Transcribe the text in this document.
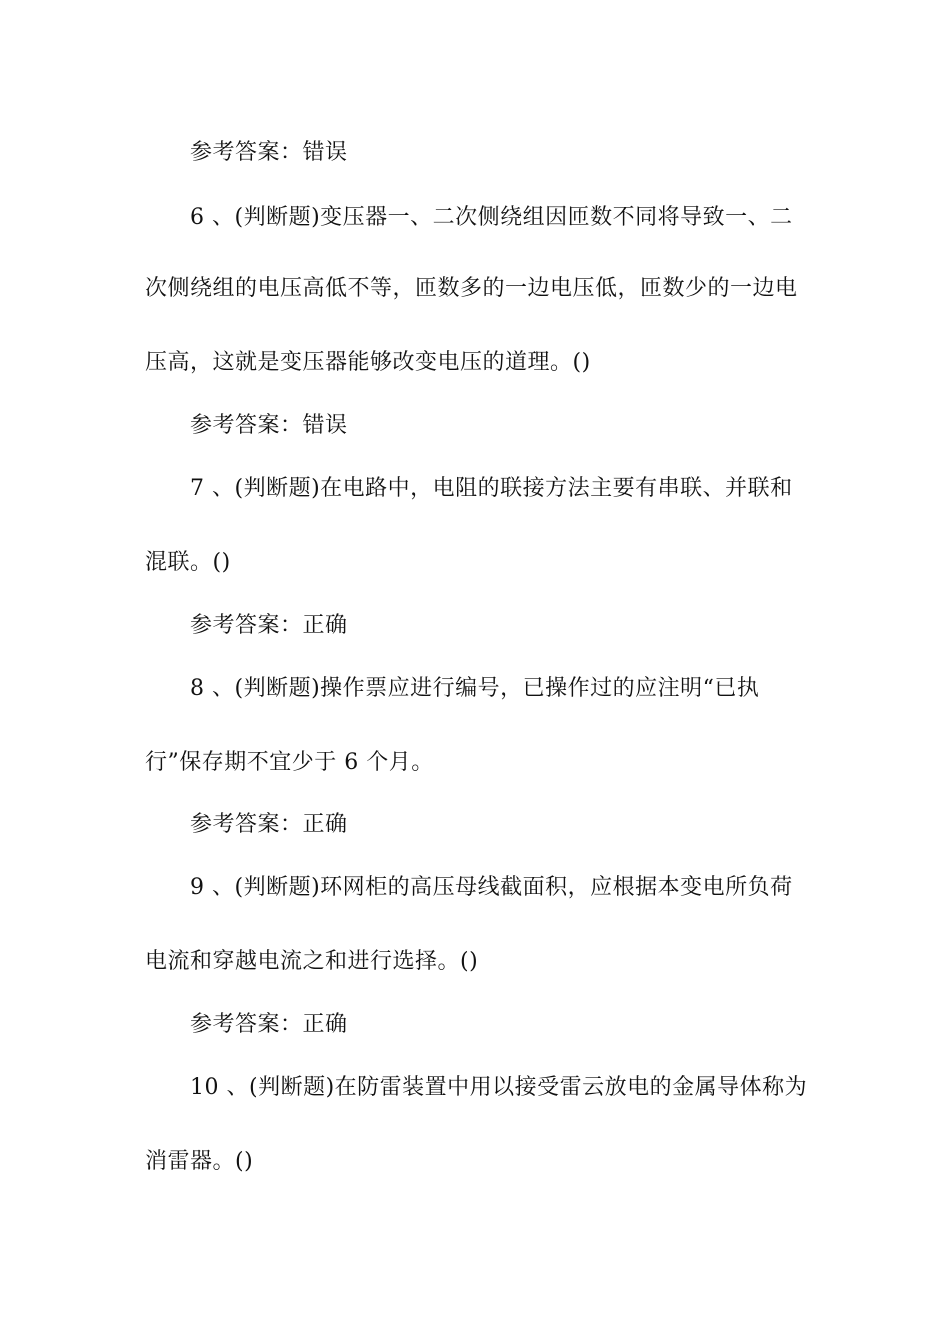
参考答案：错误
6 、(判断题)变压器一、二次侧绕组因匝数不同将导致一、二
次侧绕组的电压高低不等，匝数多的一边电压低，匝数少的一边电
压高，这就是变压器能够改变电压的道理。()
参考答案：错误
7 、(判断题)在电路中，电阻的联接方法主要有串联、并联和
混联。()
参考答案：正确
8 、(判断题)操作票应进行编号，已操作过的应注明“已执
行”保存期不宜少于 6 个月。
参考答案：正确
9 、(判断题)环网柜的高压母线截面积，应根据本变电所负荷
电流和穿越电流之和进行选择。()
参考答案：正确
10 、(判断题)在防雷装置中用以接受雷云放电的金属导体称为
消雷器。()
